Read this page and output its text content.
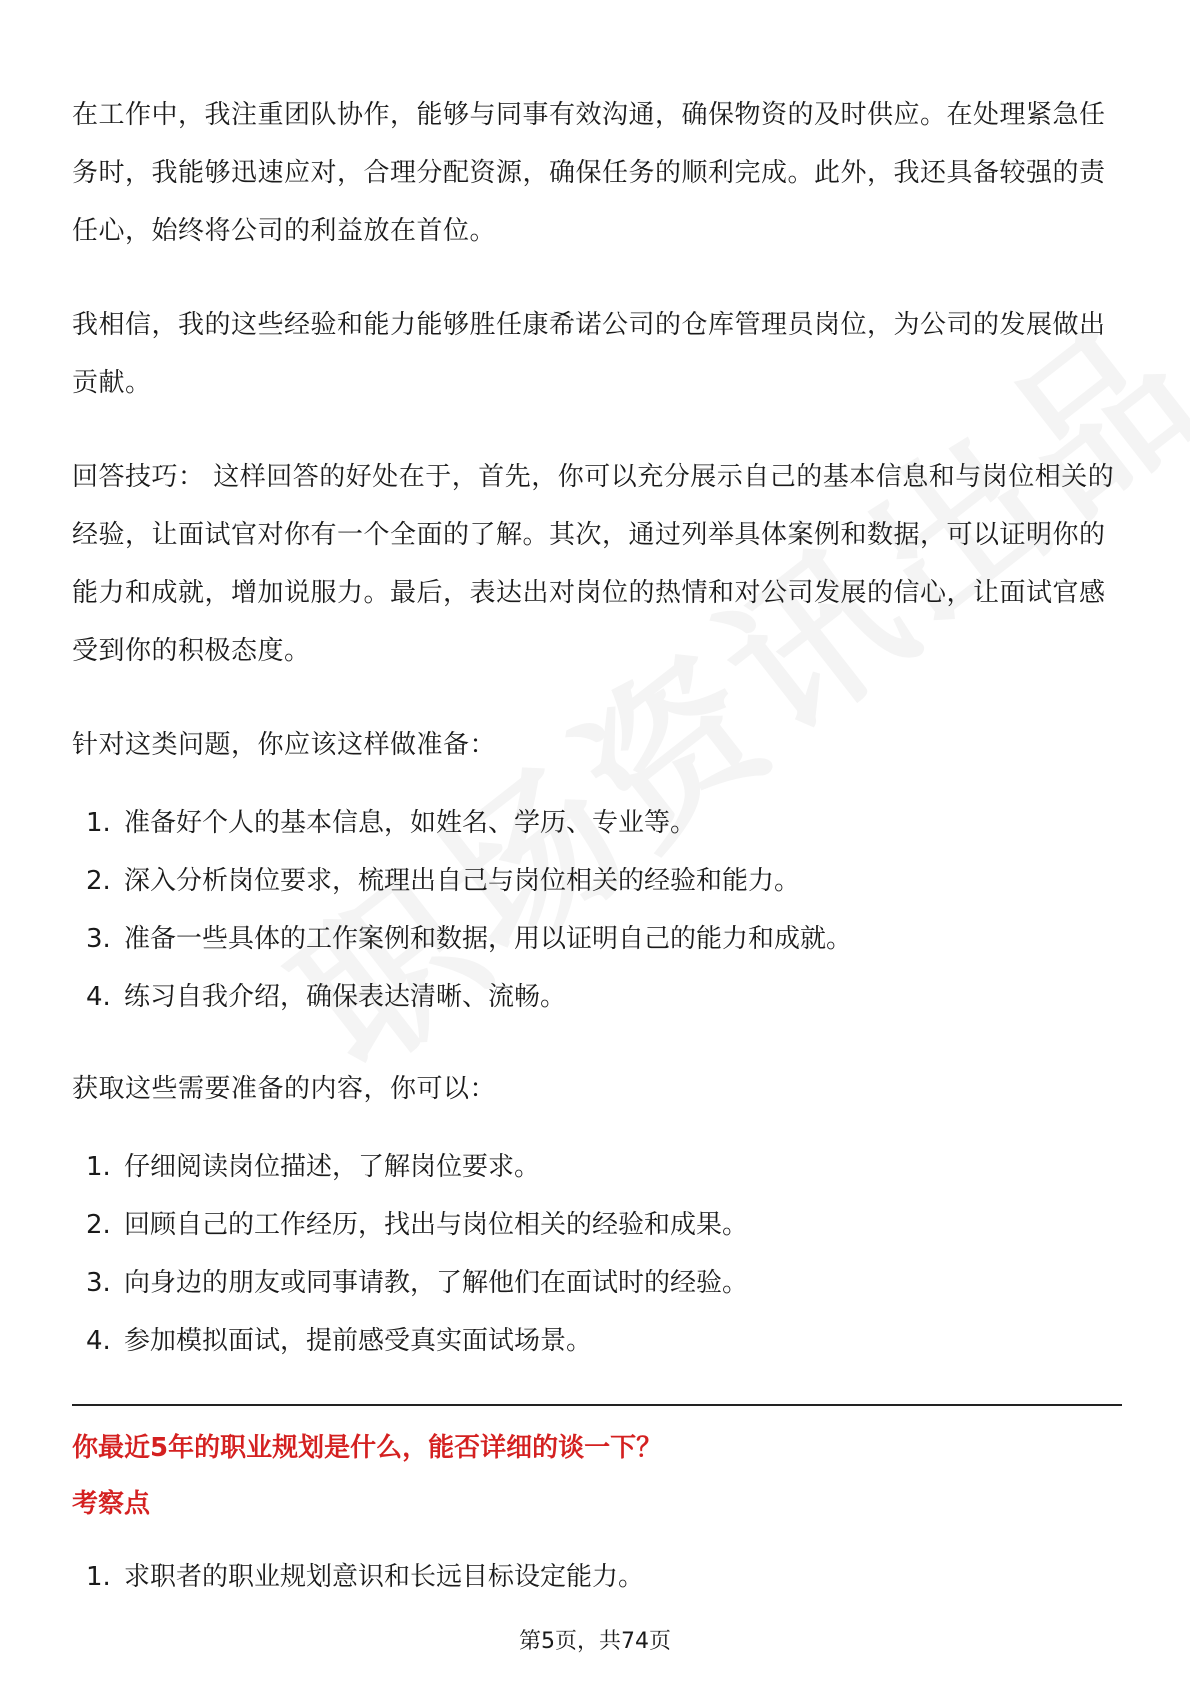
在工作中，我注重团队协作，能够与同事有效沟通，确保物资的及时供应。在处理紧急任务时，我能够迅速应对，合理分配资源，确保任务的顺利完成。此外，我还具备较强的责任心，始终将公司的利益放在首位。

我相信，我的这些经验和能力能够胜任康希诺公司的仓库管理员岗位，为公司的发展做出贡献。

回答技巧： 这样回答的好处在于，首先，你可以充分展示自己的基本信息和与岗位相关的经验，让面试官对你有一个全面的了解。其次，通过列举具体案例和数据，可以证明你的能力和成就，增加说服力。最后，表达出对岗位的热情和对公司发展的信心，让面试官感受到你的积极态度。

针对这类问题，你应该这样做准备：

1. 准备好个人的基本信息，如姓名、学历、专业等。
2. 深入分析岗位要求，梳理出自己与岗位相关的经验和能力。
3. 准备一些具体的工作案例和数据，用以证明自己的能力和成就。
4. 练习自我介绍，确保表达清晰、流畅。

获取这些需要准备的内容，你可以：

1. 仔细阅读岗位描述，了解岗位要求。
2. 回顾自己的工作经历，找出与岗位相关的经验和成果。
3. 向身边的朋友或同事请教，了解他们在面试时的经验。
4. 参加模拟面试，提前感受真实面试场景。
你最近5年的职业规划是什么，能否详细的谈一下？
考察点
1. 求职者的职业规划意识和长远目标设定能力。
第5页，共74页
